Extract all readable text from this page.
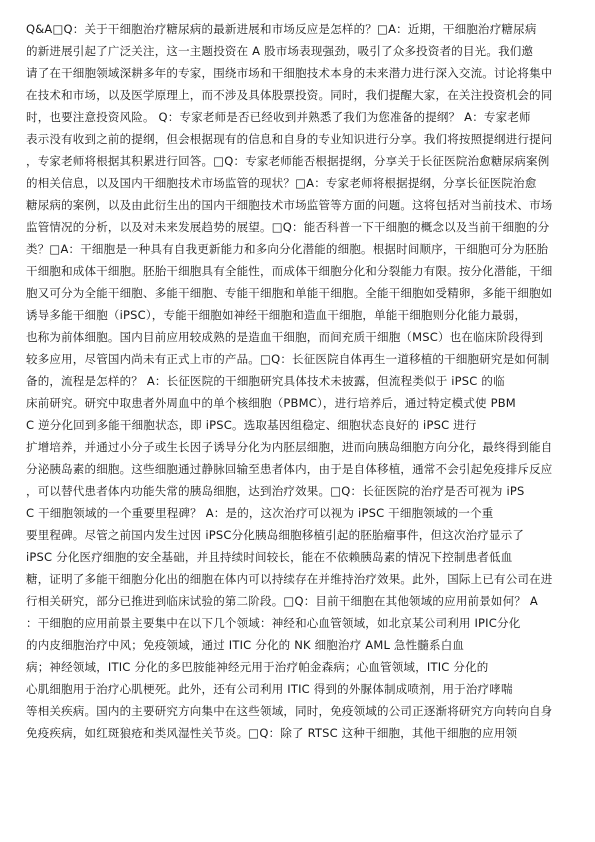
Q&A□Q：关于干细胞治疗糖尿病的最新进展和市场反应是怎样的？□A：近期，干细胞治疗糖尿病
的新进展引起了广泛关注，这一主题投资在 A 股市场表现强劲，吸引了众多投资者的目光。我们邀
请了在干细胞领域深耕多年的专家，围绕市场和干细胞技术本身的未来潜力进行深入交流。讨论将集中
在技术和市场，以及医学原理上，而不涉及具体股票投资。同时，我们提醒大家，在关注投资机会的同
时，也要注意投资风险。 Q：专家老师是否已经收到并熟悉了我们为您准备的提纲？ A：专家老师
表示没有收到之前的提纲，但会根据现有的信息和自身的专业知识进行分享。我们将按照提纲进行提问
，专家老师将根据其积累进行回答。□Q：专家老师能否根据提纲，分享关于长征医院治愈糖尿病案例
的相关信息，以及国内干细胞技术市场监管的现状？□A：专家老师将根据提纲，分享长征医院治愈
糖尿病的案例，以及由此衍生出的国内干细胞技术市场监管等方面的问题。这将包括对当前技术、市场
监管情况的分析，以及对未来发展趋势的展望。□Q：能否科普一下干细胞的概念以及当前干细胞的分
类？□A：干细胞是一种具有自我更新能力和多向分化潜能的细胞。根据时间顺序，干细胞可分为胚胎
干细胞和成体干细胞。胚胎干细胞具有全能性，而成体干细胞分化和分裂能力有限。按分化潜能，干细
胞又可分为全能干细胞、多能干细胞、专能干细胞和单能干细胞。全能干细胞如受精卵，多能干细胞如
诱导多能干细胞（iPSC），专能干细胞如神经干细胞和造血干细胞，单能干细胞则分化能力最弱，
也称为前体细胞。国内目前应用较成熟的是造血干细胞，而间充质干细胞（MSC）也在临床阶段得到
较多应用，尽管国内尚未有正式上市的产品。□Q：长征医院自体再生一道移植的干细胞研究是如何制
备的，流程是怎样的？ A：长征医院的干细胞研究具体技术未披露，但流程类似于 iPSC 的临
床前研究。研究中取患者外周血中的单个核细胞（PBMC），进行培养后，通过特定模式使 PBM
C 逆分化回到多能干细胞状态，即 iPSC。选取基因组稳定、细胞状态良好的 iPSC 进行
扩增培养，并通过小分子或生长因子诱导分化为内胚层细胞，进而向胰岛细胞方向分化，最终得到能自
分泌胰岛素的细胞。这些细胞通过静脉回输至患者体内，由于是自体移植，通常不会引起免疫排斥反应
，可以替代患者体内功能失常的胰岛细胞，达到治疗效果。□Q：长征医院的治疗是否可视为 iPS
C 干细胞领域的一个重要里程碑？ A：是的，这次治疗可以视为 iPSC 干细胞领域的一个重
要里程碑。尽管之前国内发生过因 iPSC分化胰岛细胞移植引起的胚胎瘤事件，但这次治疗显示了
iPSC 分化医疗细胞的安全基础，并且持续时间较长，能在不依赖胰岛素的情况下控制患者低血
糖，证明了多能干细胞分化出的细胞在体内可以持续存在并维持治疗效果。此外，国际上已有公司在进
行相关研究，部分已推进到临床试验的第二阶段。□Q：目前干细胞在其他领域的应用前景如何？ A
：干细胞的应用前景主要集中在以下几个领域：神经和心血管领域，如北京某公司利用 IPIC分化
的内皮细胞治疗中风；免疫领域，通过 ITIC 分化的 NK 细胞治疗 AML 急性髓系白血
病；神经领域，ITIC 分化的多巴胺能神经元用于治疗帕金森病；心血管领域，ITIC 分化的
心肌细胞用于治疗心肌梗死。此外，还有公司利用 ITIC 得到的外脲体制成喷剂，用于治疗哮喘
等相关疾病。国内的主要研究方向集中在这些领域，同时，免疫领域的公司正逐渐将研究方向转向自身
免疫疾病，如红斑狼疮和类风湿性关节炎。□Q：除了 RTSC 这种干细胞，其他干细胞的应用领
